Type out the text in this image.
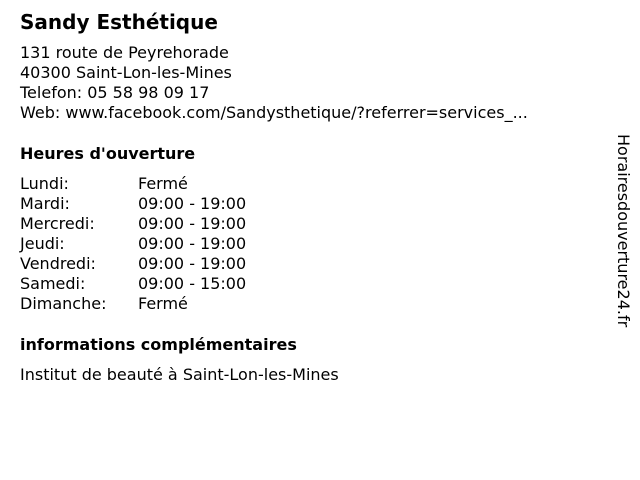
Sandy Esthétique
131 route de Peyrehorade
40300 Saint-Lon-les-Mines
Telefon: 05 58 98 09 17
Web: www.facebook.com/Sandysthetique/?referrer=services_...
Heures d'ouverture
Lundi:	Fermé
Mardi:	09:00 - 19:00
Mercredi:	09:00 - 19:00
Jeudi:	09:00 - 19:00
Vendredi:	09:00 - 19:00
Samedi:	09:00 - 15:00
Dimanche: Fermé
informations complémentaires
Institut de beauté à Saint-Lon-les-Mines
Horairesdouverture24.fr
